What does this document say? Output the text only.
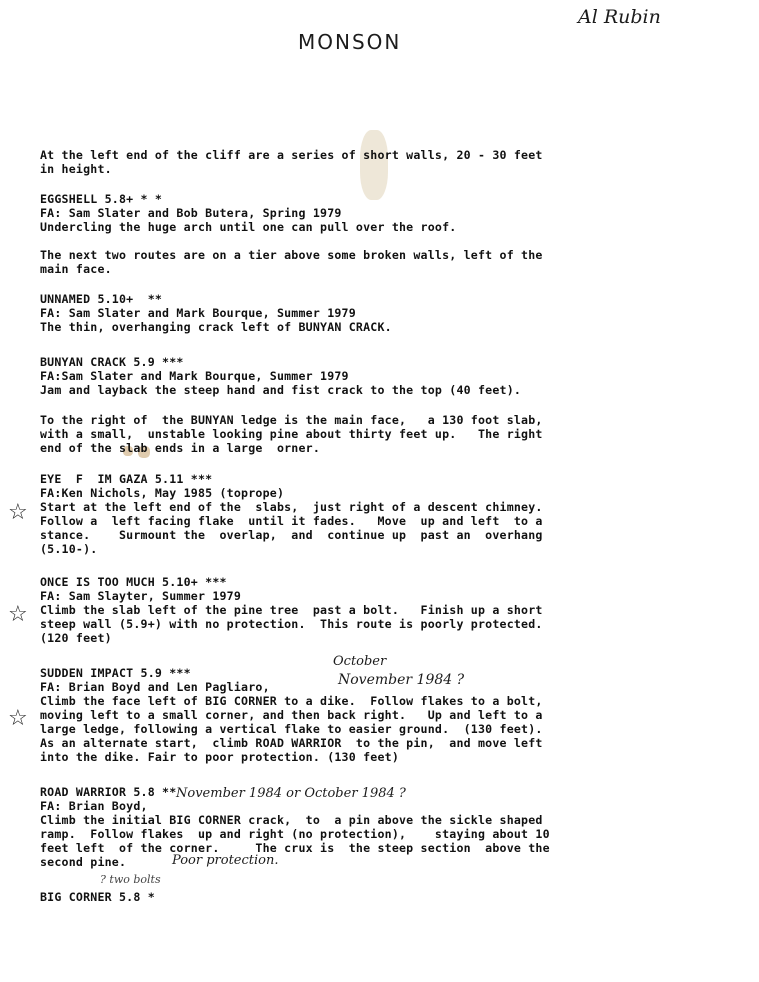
Al Rubin
MONSON
At the left end of the cliff are a series of short walls, 20 - 30 feet
in height.
EGGSHELL 5.8+ * *
FA: Sam Slater and Bob Butera, Spring 1979
Undercling the huge arch until one can pull over the roof.
The next two routes are on a tier above some broken walls, left of the
main face.
UNNAMED 5.10+  **
FA: Sam Slater and Mark Bourque, Summer 1979
The thin, overhanging crack left of BUNYAN CRACK.
BUNYAN CRACK 5.9 ***
FA:Sam Slater and Mark Bourque, Summer 1979
Jam and layback the steep hand and fist crack to the top (40 feet).
To the right of  the BUNYAN ledge is the main face,   a 130 foot slab,
with a small,  unstable looking pine about thirty feet up.   The right
end of the slab ends in a large  orner.
EYE  F  IM GAZA 5.11 ***
FA:Ken Nichols, May 1985 (toprope)
☆ Start at the left end of the  slabs,  just right of a descent chimney.
Follow a  left facing flake  until it fades.   Move  up and left  to a
stance.    Surmount the  overlap,  and  continue up  past an  overhang
(5.10-).
ONCE IS TOO MUCH 5.10+ ***
FA: Sam Slayter, Summer 1979
☆ Climb the slab left of the pine tree  past a bolt.   Finish up a short
steep wall (5.9+) with no protection.  This route is poorly protected.
(120 feet)
October
SUDDEN IMPACT 5.9 ***
FA: Brian Boyd and Len Pagliaro,	November 1984 ?
Climb the face left of BIG CORNER to a dike.  Follow flakes to a bolt,
☆ moving left to a small corner, and then back right.   Up and left to a
large ledge, following a vertical flake to easier ground.  (130 feet).
As an alternate start,  climb ROAD WARRIOR  to the pin,  and move left
into the dike. Fair to poor protection. (130 feet)
ROAD WARRIOR 5.8 **
FA: Brian Boyd,
November 1984 or October 1984 ?
Climb the initial BIG CORNER crack,  to  a pin above the sickle shaped
ramp.  Follow flakes  up and right (no protection),    staying about 10
feet left  of the corner.     The crux is  the steep section  above the
second pine.	Poor protection.
? two bolts
BIG CORNER 5.8 *
